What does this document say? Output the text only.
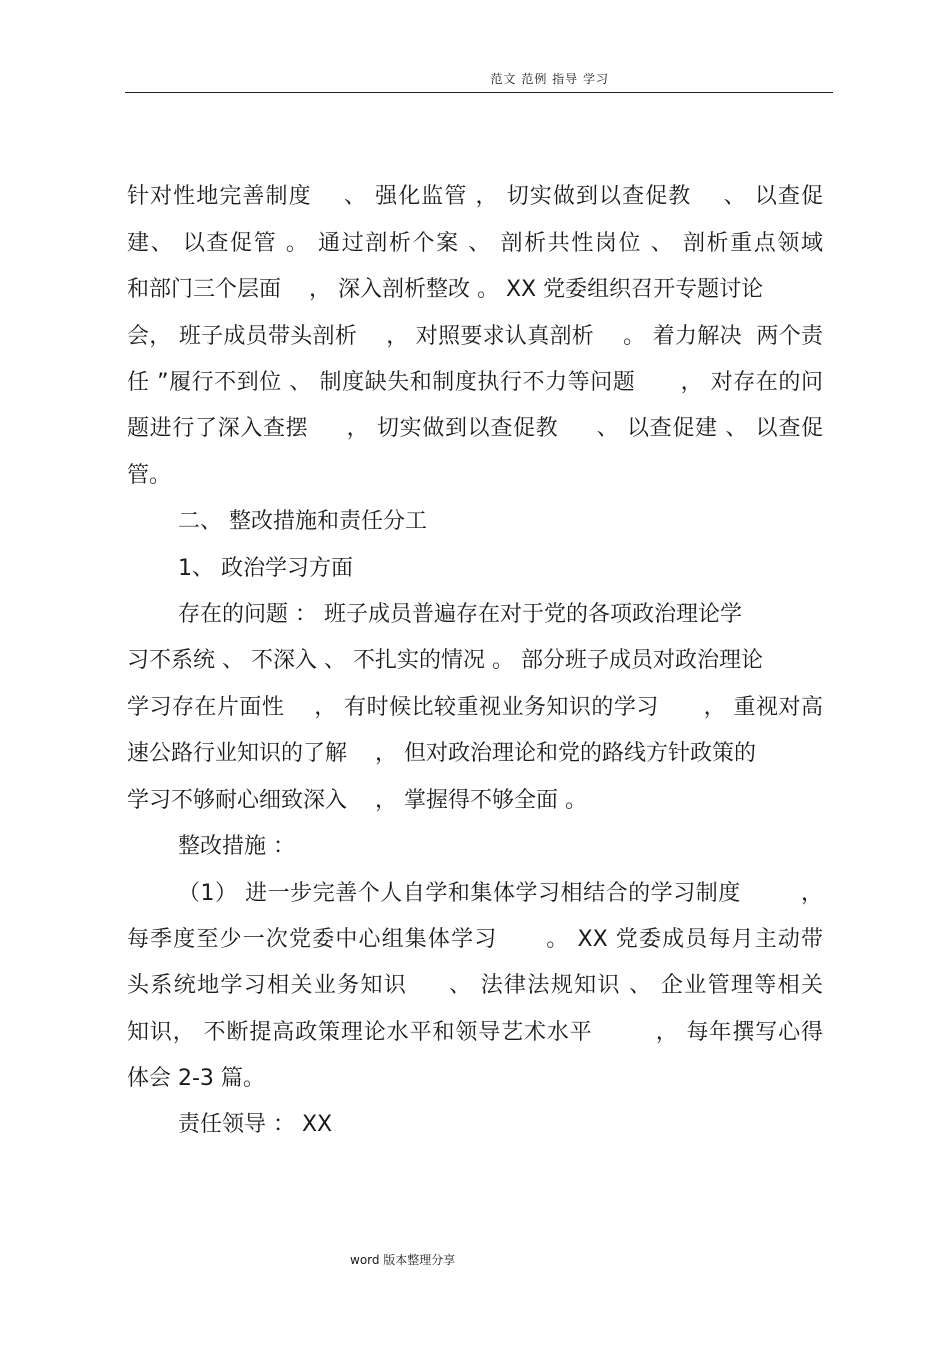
范文 范例 指导 学习
针对性地完善制度    、 强化监管 ， 切实做到以查促教    、 以查促
建、 以查促管 。 通过剖析个案 、 剖析共性岗位 、 剖析重点领域
和部门三个层面    ， 深入剖析整改 。 XX 党委组织召开专题讨论
会， 班子成员带头剖析    ， 对照要求认真剖析    。 着力解决  两个责
任 ”履行不到位 、 制度缺失和制度执行不力等问题      ， 对存在的问
题进行了深入查摆     ， 切实做到以查促教     、 以查促建 、 以查促
管。
二、 整改措施和责任分工
1、 政治学习方面
存在的问题 ： 班子成员普遍存在对于党的各项政治理论学
习不系统 、 不深入 、 不扎实的情况 。 部分班子成员对政治理论
学习存在片面性    ， 有时候比较重视业务知识的学习      ， 重视对高
速公路行业知识的了解    ， 但对政治理论和党的路线方针政策的
学习不够耐心细致深入    ， 掌握得不够全面 。
整改措施 ：
（1） 进一步完善个人自学和集体学习相结合的学习制度        ，
每季度至少一次党委中心组集体学习      。 XX 党委成员每月主动带
头系统地学习相关业务知识     、 法律法规知识 、 企业管理等相关
知识， 不断提高政策理论水平和领导艺术水平        ， 每年撰写心得
体会 2-3 篇。
责任领导 ： XX
word 版本整理分享
